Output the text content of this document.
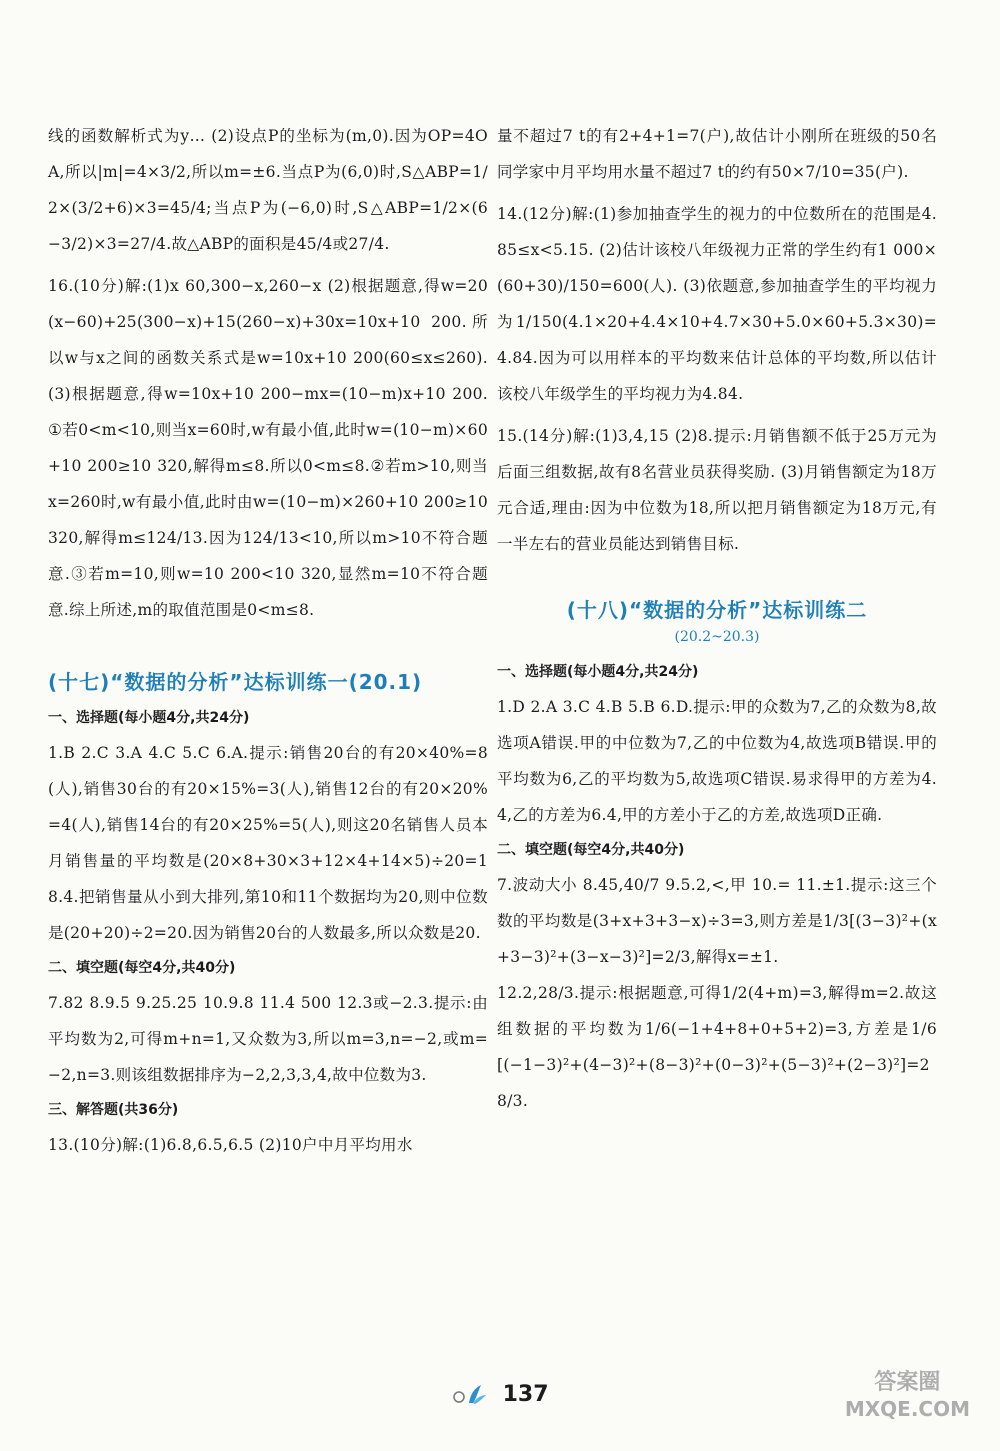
线的函数解析式为y… (2)设点P的坐标为(m,0).因为OP=4OA,所以|m|=4×3/2,所以m=±6.当点P为(6,0)时,S△ABP=1/2×(3/2+6)×3=45/4;当点P为(−6,0)时,S△ABP=1/2×(6−3/2)×3=27/4.故△ABP的面积是45/4或27/4.

16.(10分)解:(1)x 60,300−x,260−x (2)根据题意,得w=20(x−60)+25(300−x)+15(260−x)+30x=10x+10 200.所以w与x之间的函数关系式是w=10x+10 200(60≤x≤260). (3)根据题意,得w=10x+10 200−mx=(10−m)x+10 200.①若0<m<10,则当x=60时,w有最小值,此时w=(10−m)×60+10 200≥10 320,解得m≤8.所以0<m≤8.②若m>10,则当x=260时,w有最小值,此时由w=(10−m)×260+10 200≥10 320,解得m≤124/13.因为124/13<10,所以m>10不符合题意.③若m=10,则w=10 200<10 320,显然m=10不符合题意.综上所述,m的取值范围是0<m≤8.

(十七)“数据的分析”达标训练一(20.1)

一、选择题(每小题4分,共24分)

1.B 2.C 3.A 4.C 5.C 6.A.提示:销售20台的有20×40%=8(人),销售30台的有20×15%=3(人),销售12台的有20×20%=4(人),销售14台的有20×25%=5(人),则这20名销售人员本月销售量的平均数是(20×8+30×3+12×4+14×5)÷20=18.4.把销售量从小到大排列,第10和11个数据均为20,则中位数是(20+20)÷2=20.因为销售20台的人数最多,所以众数是20.

二、填空题(每空4分,共40分)

7.82 8.9.5 9.25.25 10.9.8 11.4 500 12.3或−2.3.提示:由平均数为2,可得m+n=1,又众数为3,所以m=3,n=−2,或m=−2,n=3.则该组数据排序为−2,2,3,3,4,故中位数为3.

三、解答题(共36分)

13.(10分)解:(1)6.8,6.5,6.5 (2)10户中月平均用水

量不超过7 t的有2+4+1=7(户),故估计小刚所在班级的50名同学家中月平均用水量不超过7 t的约有50×7/10=35(户).

14.(12分)解:(1)参加抽查学生的视力的中位数所在的范围是4.85≤x<5.15. (2)估计该校八年级视力正常的学生约有1 000×(60+30)/150=600(人). (3)依题意,参加抽查学生的平均视力为1/150(4.1×20+4.4×10+4.7×30+5.0×60+5.3×30)=4.84.因为可以用样本的平均数来估计总体的平均数,所以估计该校八年级学生的平均视力为4.84.

15.(14分)解:(1)3,4,15 (2)8.提示:月销售额不低于25万元为后面三组数据,故有8名营业员获得奖励. (3)月销售额定为18万元合适,理由:因为中位数为18,所以把月销售额定为18万元,有一半左右的营业员能达到销售目标.

(十八)“数据的分析”达标训练二
(20.2~20.3)

一、选择题(每小题4分,共24分)

1.D 2.A 3.C 4.B 5.B 6.D.提示:甲的众数为7,乙的众数为8,故选项A错误.甲的中位数为7,乙的中位数为4,故选项B错误.甲的平均数为6,乙的平均数为5,故选项C错误.易求得甲的方差为4.4,乙的方差为6.4,甲的方差小于乙的方差,故选项D正确.

二、填空题(每空4分,共40分)

7.波动大小 8.45,40/7 9.5.2,<,甲 10.= 11.±1.提示:这三个数的平均数是(3+x+3+3−x)÷3=3,则方差是1/3[(3−3)²+(x+3−3)²+(3−x−3)²]=2/3,解得x=±1.

12.2,28/3.提示:根据题意,可得1/2(4+m)=3,解得m=2.故这组数据的平均数为1/6(−1+4+8+0+5+2)=3,方差是1/6[(−1−3)²+(4−3)²+(8−3)²+(0−3)²+(5−3)²+(2−3)²]=28/3.

137	答案圈
MXQE.COM
